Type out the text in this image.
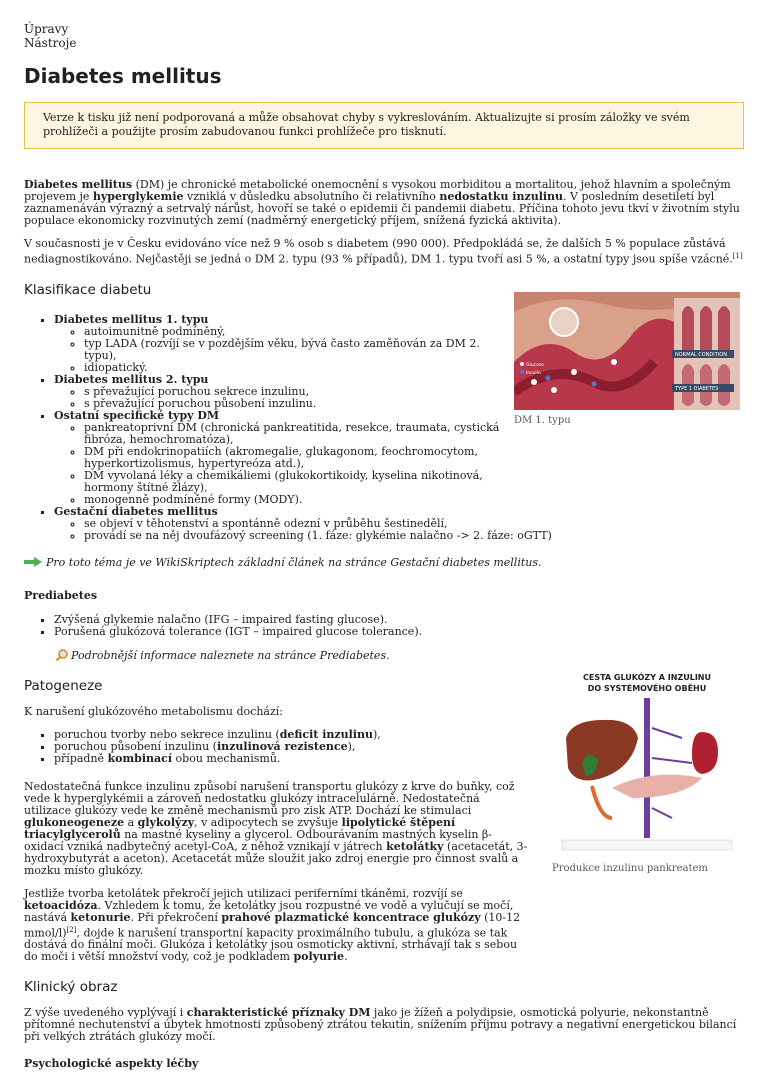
Úpravy
Nástroje
Diabetes mellitus
Verze k tisku již není podporovaná a může obsahovat chyby s vykreslováním. Aktualizujte si prosím záložky ve svém prohlížeči a použijte prosím zabudovanou funkci prohlížeče pro tisknutí.

Diabetes mellitus (DM) je chronické metabolické onemocnění s vysokou morbiditou a mortalitou, jehož hlavním a společným projevem je hyperglykemie vzniklá v důsledku absolutního či relativního nedostatku inzulinu. V posledním desetiletí byl zaznamenáván výrazný a setrvalý nárůst, hovoří se také o epidemii či pandemii diabetu. Příčina tohoto jevu tkví v životním stylu populace ekonomicky rozvinutých zemí (nadměrný energetický příjem, snížená fyzická aktivita).

V současnosti je v Česku evidováno více než 9 % osob s diabetem (990 000). Předpokládá se, že dalších 5 % populace zůstává nediagnostikováno. Nejčastěji se jedná o DM 2. typu (93 % případů), DM 1. typu tvoří asi 5 %, a ostatní typy jsou spíše vzácné.[1]

Klasifikace diabetu
▪ Diabetes mellitus 1. typu
◦ autoimunitně podmíněný,
◦ typ LADA (rozvíjí se v pozdějším věku, bývá často zaměňován za DM 2. typu),
◦ idiopatický.
▪ Diabetes mellitus 2. typu
◦ s převažující poruchou sekrece inzulinu,
◦ s převažující poruchou působení inzulinu.
▪ Ostatní specifické typy DM
◦ pankreatoprivní DM (chronická pankreatitida, resekce, traumata, cystická fibróza, hemochromatóza),
◦ DM při endokrinopatiích (akromegalie, glukagonom, feochromocytom, hyperkortizolismus, hypertyreóza atd.),
◦ DM vyvolaná léky a chemikáliemi (glukokortikoidy, kyselina nikotinová, hormony štítné žlázy),
◦ monogenně podmíněné formy (MODY).
▪ Gestační diabetes mellitus
◦ se objeví v těhotenství a spontánně odezní v průběhu šestinedělí,
◦ provádí se na něj dvoufázový screening (1. fáze: glykémie nalačno -> 2. fáze: oGTT)
Pro toto téma je ve WikiSkriptech základní článek na stránce Gestační diabetes mellitus.
Prediabetes
▪ Zvýšená glykemie nalačno (IFG – impaired fasting glucose).
▪ Porušená glukózová tolerance (IGT – impaired glucose tolerance).
Podrobnější informace naleznete na stránce Prediabetes.
Patogeneze

K narušení glukózového metabolismu dochází:

▪ poruchou tvorby nebo sekrece inzulinu (deficit inzulinu),
▪ poruchou působení inzulinu (inzulinová rezistence),
▪ případně kombinací obou mechanismů.

Nedostatečná funkce inzulinu způsobí narušení transportu glukózy z krve do buňky, což vede k hyperglykémii a zároveň nedostatku glukózy intracelulárně. Nedostatečná utilizace glukózy vede ke změně mechanismů pro zisk ATP. Dochází ke stimulaci glukoneogeneze a glykolýzy, v adipocytech se zvyšuje lipolytické štěpení triacylglycerolů na mastné kyseliny a glycerol. Odbourávaním mastných kyselin β-oxidací vzniká nadbytečný acetyl-CoA, z něhož vznikají v játrech ketolátky (acetacetát, 3-hydroxybutyrát a aceton). Acetacetát může sloužit jako zdroj energie pro činnost svalů a mozku místo glukózy.

Jestliže tvorba ketolátek překročí jejich utilizaci periferními tkáněmi, rozvíjí se ketoacidóza. Vzhledem k tomu, že ketolátky jsou rozpustné ve vodě a vylučují se močí, nastává ketonurie. Při překročení prahové plazmatické koncentrace glukózy (10-12 mmol/l)[2], dojde k narušení transportní kapacity proximálního tubulu, a glukóza se tak dostává do finální moči. Glukóza i ketolátky jsou osmoticky aktivní, strhávají tak s sebou do moči i větší množství vody, což je podkladem polyurie.

Klinický obraz

Z výše uvedeného vyplývají i charakteristické příznaky DM jako je žížeň a polydipsie, osmotická polyurie, nekonstantně přítomné nechutenství a úbytek hmotnosti způsobený ztrátou tekutin, snížením příjmu potravy a negativní energetickou bilancí při velkých ztrátách glukózy močí.

Psychologické aspekty léčby
NORMAL CONDITION
TYPE 1 DIABETES
Glucose
Insulin
DM 1. typu
CESTA GLUKÓZY A INZULINU
DO SYSTÉMOVÉHO OBĚHU
Produkce inzulinu pankreatem
